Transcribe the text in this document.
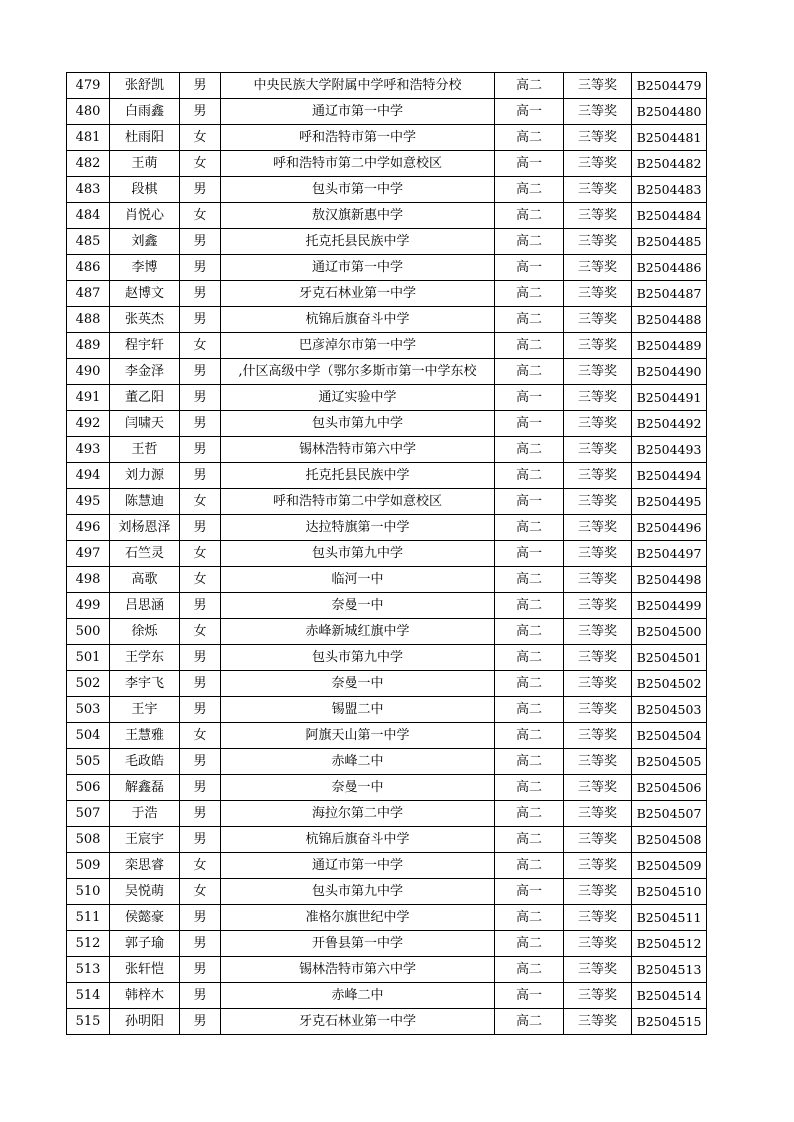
479	张舒凯	男	中央民族大学附属中学呼和浩特分校	高二	三等奖	B2504479
480	白雨鑫	男	通辽市第一中学	高一	三等奖	B2504480
481	杜雨阳	女	呼和浩特市第一中学	高二	三等奖	B2504481
482	王萌	女	呼和浩特市第二中学如意校区	高一	三等奖	B2504482
483	段棋	男	包头市第一中学	高二	三等奖	B2504483
484	肖悦心	女	敖汉旗新惠中学	高二	三等奖	B2504484
485	刘鑫	男	托克托县民族中学	高二	三等奖	B2504485
486	李博	男	通辽市第一中学	高一	三等奖	B2504486
487	赵博文	男	牙克石林业第一中学	高二	三等奖	B2504487
488	张英杰	男	杭锦后旗奋斗中学	高二	三等奖	B2504488
489	程宇轩	女	巴彦淖尔市第一中学	高二	三等奖	B2504489
490	李金泽	男	,什区高级中学（鄂尔多斯市第一中学东校	高二	三等奖	B2504490
491	董乙阳	男	通辽实验中学	高一	三等奖	B2504491
492	闫啸天	男	包头市第九中学	高一	三等奖	B2504492
493	王哲	男	锡林浩特市第六中学	高二	三等奖	B2504493
494	刘力源	男	托克托县民族中学	高二	三等奖	B2504494
495	陈慧迪	女	呼和浩特市第二中学如意校区	高一	三等奖	B2504495
496	刘杨恩泽	男	达拉特旗第一中学	高二	三等奖	B2504496
497	石竺灵	女	包头市第九中学	高一	三等奖	B2504497
498	高歌	女	临河一中	高二	三等奖	B2504498
499	吕思涵	男	奈曼一中	高二	三等奖	B2504499
500	徐烁	女	赤峰新城红旗中学	高二	三等奖	B2504500
501	王学东	男	包头市第九中学	高二	三等奖	B2504501
502	李宇飞	男	奈曼一中	高二	三等奖	B2504502
503	王宇	男	锡盟二中	高二	三等奖	B2504503
504	王慧雅	女	阿旗天山第一中学	高二	三等奖	B2504504
505	毛政皓	男	赤峰二中	高二	三等奖	B2504505
506	解鑫磊	男	奈曼一中	高二	三等奖	B2504506
507	于浩	男	海拉尔第二中学	高二	三等奖	B2504507
508	王宸宇	男	杭锦后旗奋斗中学	高二	三等奖	B2504508
509	栾思睿	女	通辽市第一中学	高二	三等奖	B2504509
510	吴悦萌	女	包头市第九中学	高一	三等奖	B2504510
511	侯懿豪	男	准格尔旗世纪中学	高二	三等奖	B2504511
512	郭子瑜	男	开鲁县第一中学	高二	三等奖	B2504512
513	张轩恺	男	锡林浩特市第六中学	高二	三等奖	B2504513
514	韩梓木	男	赤峰二中	高一	三等奖	B2504514
515	孙明阳	男	牙克石林业第一中学	高二	三等奖	B2504515
